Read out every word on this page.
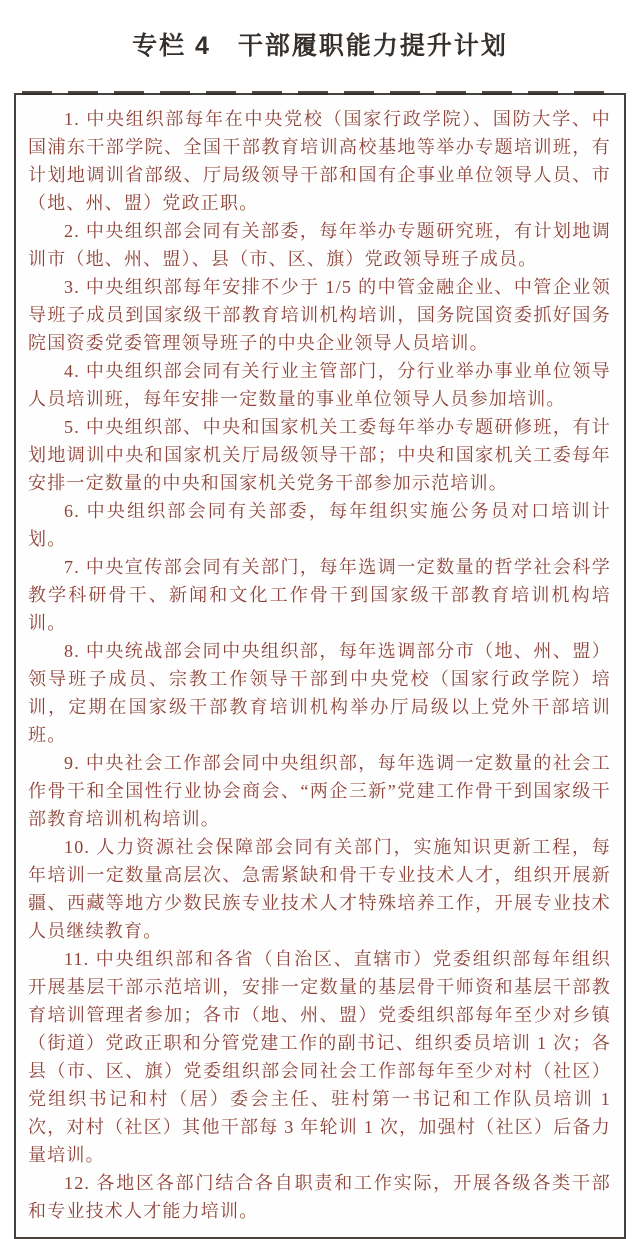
专栏 4　干部履职能力提升计划

1. 中央组织部每年在中央党校（国家行政学院）、国防大学、中国浦东干部学院、全国干部教育培训高校基地等举办专题培训班，有计划地调训省部级、厅局级领导干部和国有企事业单位领导人员、市（地、州、盟）党政正职。

2. 中央组织部会同有关部委，每年举办专题研究班，有计划地调训市（地、州、盟）、县（市、区、旗）党政领导班子成员。

3. 中央组织部每年安排不少于 1/5 的中管金融企业、中管企业领导班子成员到国家级干部教育培训机构培训，国务院国资委抓好国务院国资委党委管理领导班子的中央企业领导人员培训。

4. 中央组织部会同有关行业主管部门，分行业举办事业单位领导人员培训班，每年安排一定数量的事业单位领导人员参加培训。

5. 中央组织部、中央和国家机关工委每年举办专题研修班，有计划地调训中央和国家机关厅局级领导干部；中央和国家机关工委每年安排一定数量的中央和国家机关党务干部参加示范培训。

6. 中央组织部会同有关部委，每年组织实施公务员对口培训计划。

7. 中央宣传部会同有关部门，每年选调一定数量的哲学社会科学教学科研骨干、新闻和文化工作骨干到国家级干部教育培训机构培训。

8. 中央统战部会同中央组织部，每年选调部分市（地、州、盟）领导班子成员、宗教工作领导干部到中央党校（国家行政学院）培训，定期在国家级干部教育培训机构举办厅局级以上党外干部培训班。

9. 中央社会工作部会同中央组织部，每年选调一定数量的社会工作骨干和全国性行业协会商会、“两企三新”党建工作骨干到国家级干部教育培训机构培训。

10. 人力资源社会保障部会同有关部门，实施知识更新工程，每年培训一定数量高层次、急需紧缺和骨干专业技术人才，组织开展新疆、西藏等地方少数民族专业技术人才特殊培养工作，开展专业技术人员继续教育。

11. 中央组织部和各省（自治区、直辖市）党委组织部每年组织开展基层干部示范培训，安排一定数量的基层骨干师资和基层干部教育培训管理者参加；各市（地、州、盟）党委组织部每年至少对乡镇（街道）党政正职和分管党建工作的副书记、组织委员培训 1 次；各县（市、区、旗）党委组织部会同社会工作部每年至少对村（社区）党组织书记和村（居）委会主任、驻村第一书记和工作队员培训 1 次，对村（社区）其他干部每 3 年轮训 1 次，加强村（社区）后备力量培训。

12. 各地区各部门结合各自职责和工作实际，开展各级各类干部和专业技术人才能力培训。
